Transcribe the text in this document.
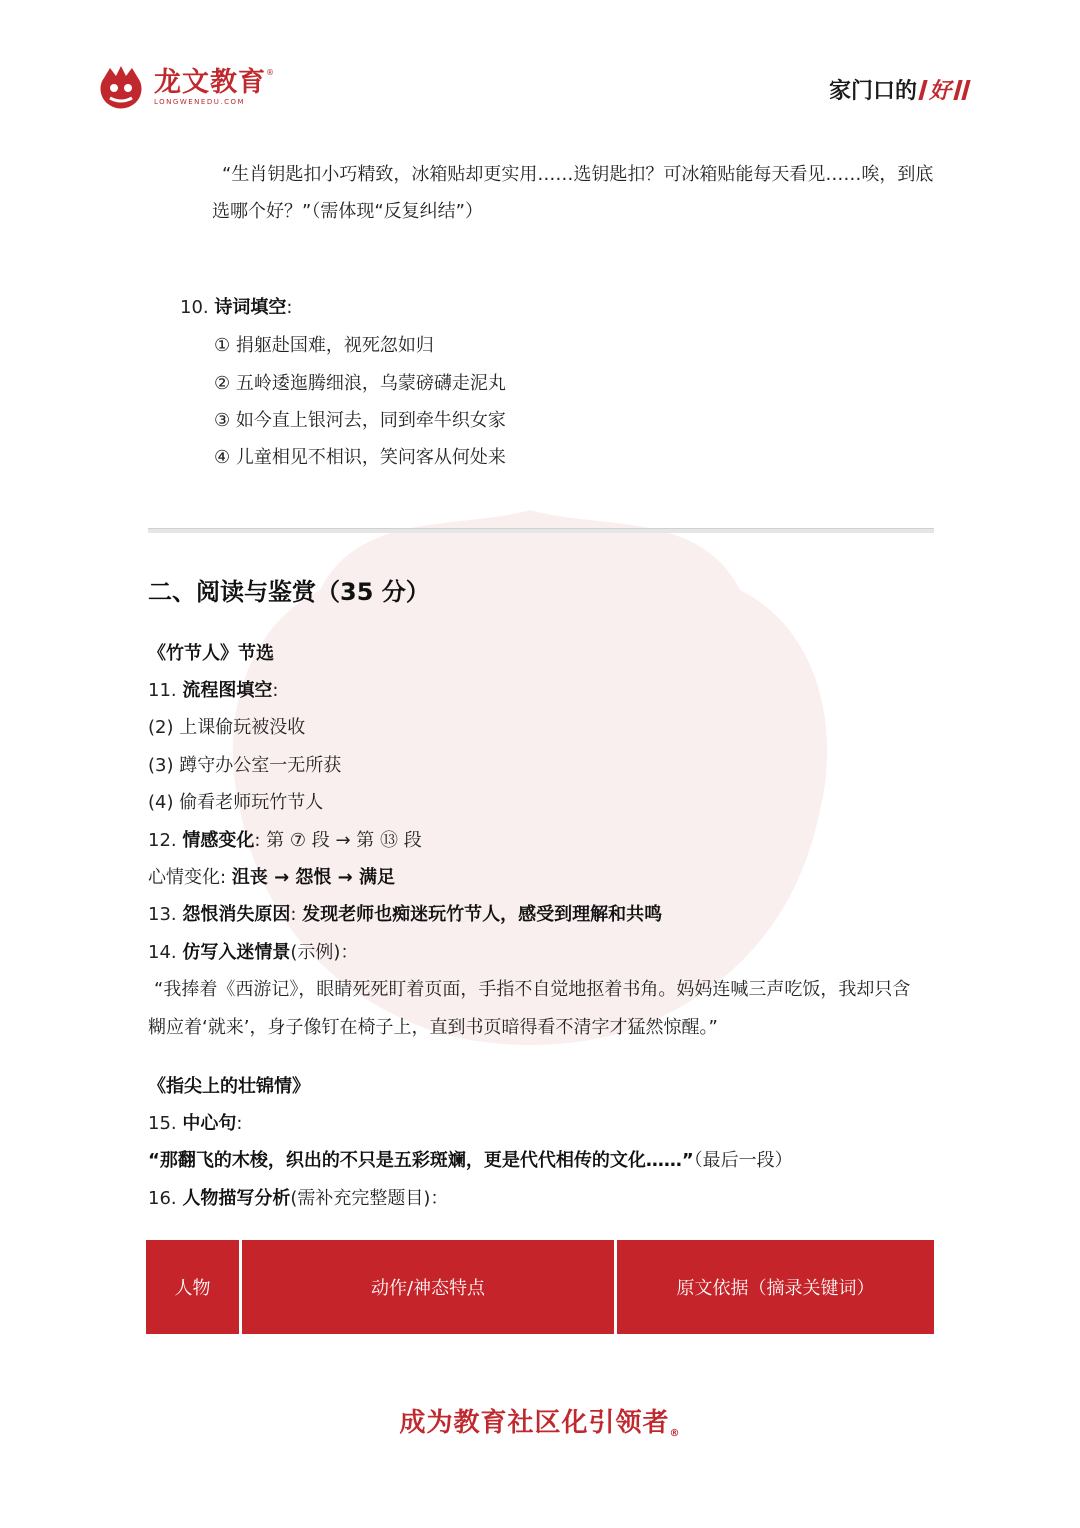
龙文教育®
LONGWENEDU.COM	家门口的 好
“生肖钥匙扣小巧精致，冰箱贴却更实用……选钥匙扣？可冰箱贴能每天看见……唉，到底
选哪个好？”（需体现“反复纠结”）
10. 诗词填空:
① 捐躯赴国难，视死忽如归
② 五岭逶迤腾细浪，乌蒙磅礴走泥丸
③ 如今直上银河去，同到牵牛织女家
④ 儿童相见不相识，笑问客从何处来
二、阅读与鉴赏（35 分）
《竹节人》节选
11. 流程图填空:
(2) 上课偷玩被没收
(3) 蹲守办公室一无所获
(4) 偷看老师玩竹节人
12. 情感变化: 第 ⑦ 段 → 第 ⑬ 段
心情变化: 沮丧 → 怨恨 → 满足
13. 怨恨消失原因: 发现老师也痴迷玩竹节人，感受到理解和共鸣
14. 仿写入迷情景(示例)：
“我捧着《西游记》，眼睛死死盯着页面，手指不自觉地抠着书角。妈妈连喊三声吃饭，我却只含
糊应着‘就来’，身子像钉在椅子上，直到书页暗得看不清字才猛然惊醒。”
《指尖上的壮锦情》
15. 中心句:
“那翻飞的木梭，织出的不只是五彩斑斓，更是代代相传的文化……”（最后一段）
16. 人物描写分析(需补充完整题目)：
人物	动作/神态特点	原文依据（摘录关键词）
成为教育社区化引领者®
